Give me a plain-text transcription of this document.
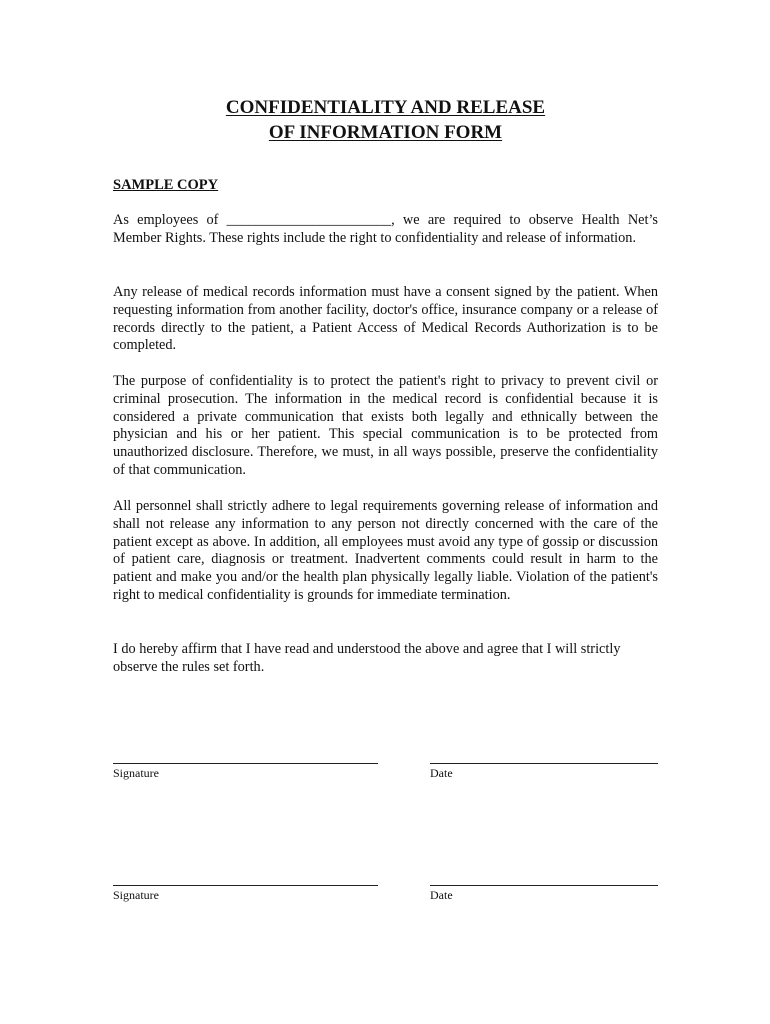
CONFIDENTIALITY AND RELEASE
OF INFORMATION FORM
SAMPLE COPY

As employees of _______________________, we are required to observe Health Net’s Member Rights. These rights include the right to confidentiality and release of information.

Any release of medical records information must have a consent signed by the patient. When requesting information from another facility, doctor's office, insurance company or a release of records directly to the patient, a Patient Access of Medical Records Authorization is to be completed.

The purpose of confidentiality is to protect the patient's right to privacy to prevent civil or criminal prosecution. The information in the medical record is confidential because it is considered a private communication that exists both legally and ethnically between the physician and his or her patient. This special communication is to be protected from unauthorized disclosure. Therefore, we must, in all ways possible, preserve the confidentiality of that communication.

All personnel shall strictly adhere to legal requirements governing release of information and shall not release any information to any person not directly concerned with the care of the patient except as above. In addition, all employees must avoid any type of gossip or discussion of patient care, diagnosis or treatment. Inadvertent comments could result in harm to the patient and make you and/or the health plan physically legally liable. Violation of the patient's right to medical confidentiality is grounds for immediate termination.

I do hereby affirm that I have read and understood the above and agree that I will strictly observe the rules set forth.

Signature	Date
Signature	Date
